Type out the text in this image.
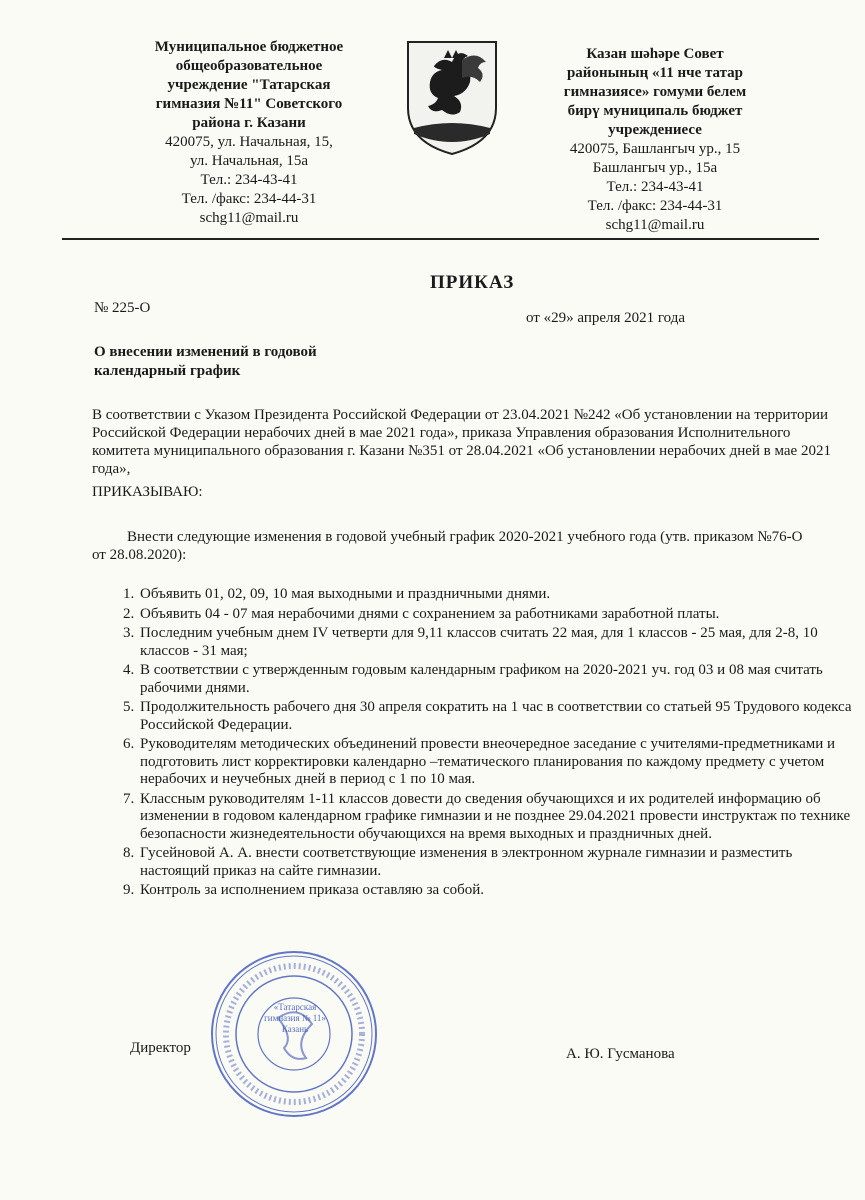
Муниципальное бюджетное
общеобразовательное
учреждение "Татарская
гимназия №11" Советского
района г. Казани
420075, ул. Начальная, 15,
ул. Начальная, 15а
Тел.: 234-43-41
Тел. /факс: 234-44-31
schg11@mail.ru
Казан шәһәре Совет
районының «11 нче татар
гимназиясе» гомуми белем
бирү муниципаль бюджет
учреждениесе
420075, Башлангыч ур., 15
Башлангыч ур., 15а
Тел.: 234-43-41
Тел. /факс: 234-44-31
schg11@mail.ru
ПРИКАЗ
№ 225-О
от «29» апреля 2021 года
О внесении изменений в годовой календарный график
В соответствии с Указом Президента Российской Федерации от 23.04.2021 №242 «Об установлении на территории Российской Федерации нерабочих дней в мае 2021 года», приказа Управления образования Исполнительного комитета муниципального образования г. Казани №351 от 28.04.2021 «Об установлении нерабочих дней в мае 2021 года»,
ПРИКАЗЫВАЮ:
Внести следующие изменения в годовой учебный график 2020-2021 учебного года (утв. приказом №76-О от 28.08.2020):
1. Объявить 01, 02, 09, 10 мая выходными и праздничными днями.
2. Объявить 04 - 07 мая нерабочими днями с сохранением за работниками заработной платы.
3. Последним учебным днем IV четверти для 9,11 классов считать 22 мая, для 1 классов - 25 мая, для 2-8, 10 классов - 31 мая;
4. В соответствии с утвержденным годовым календарным графиком на 2020-2021 уч. год 03 и 08 мая считать рабочими днями.
5. Продолжительность рабочего дня 30 апреля сократить на 1 час в соответствии со статьей 95 Трудового кодекса Российской Федерации.
6. Руководителям методических объединений провести внеочередное заседание с учителями-предметниками и подготовить лист корректировки календарно –тематического планирования по каждому предмету с учетом нерабочих и неучебных дней в период с 1 по 10 мая.
7. Классным руководителям 1-11 классов довести до сведения обучающихся и их родителей информацию об изменении в годовом календарном графике гимназии и не позднее 29.04.2021 провести инструктаж по технике безопасности жизнедеятельности обучающихся на время выходных и праздничных дней.
8. Гусейновой А. А. внести соответствующие изменения в электронном журнале гимназии и разместить настоящий приказ на сайте гимназии.
9. Контроль за исполнением приказа оставляю за собой.
«Татарская гимназия № 11» Казань
Директор	А. Ю. Гусманова
